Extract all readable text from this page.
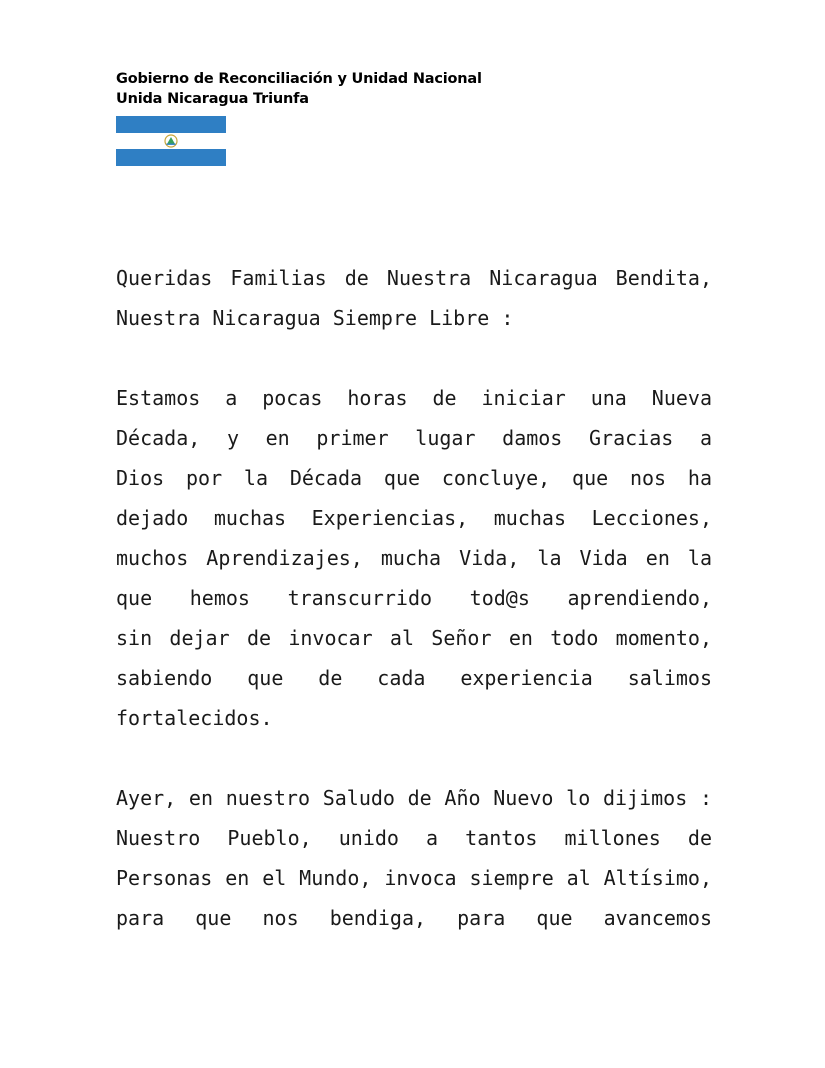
Gobierno de Reconciliación y Unidad Nacional
Unida Nicaragua Triunfa

Queridas Familias de Nuestra Nicaragua Bendita,
Nuestra Nicaragua Siempre Libre :

Estamos a pocas horas de iniciar una Nueva
Década, y en primer lugar damos Gracias a
Dios por la Década que concluye, que nos ha
dejado muchas Experiencias, muchas Lecciones,
muchos Aprendizajes, mucha Vida, la Vida en la
que hemos transcurrido tod@s aprendiendo,
sin dejar de invocar al Señor en todo momento,
sabiendo que de cada experiencia salimos
fortalecidos.

Ayer, en nuestro Saludo de Año Nuevo lo dijimos :
Nuestro Pueblo, unido a tantos millones de
Personas en el Mundo, invoca siempre al Altísimo,
para que nos bendiga, para que avancemos
